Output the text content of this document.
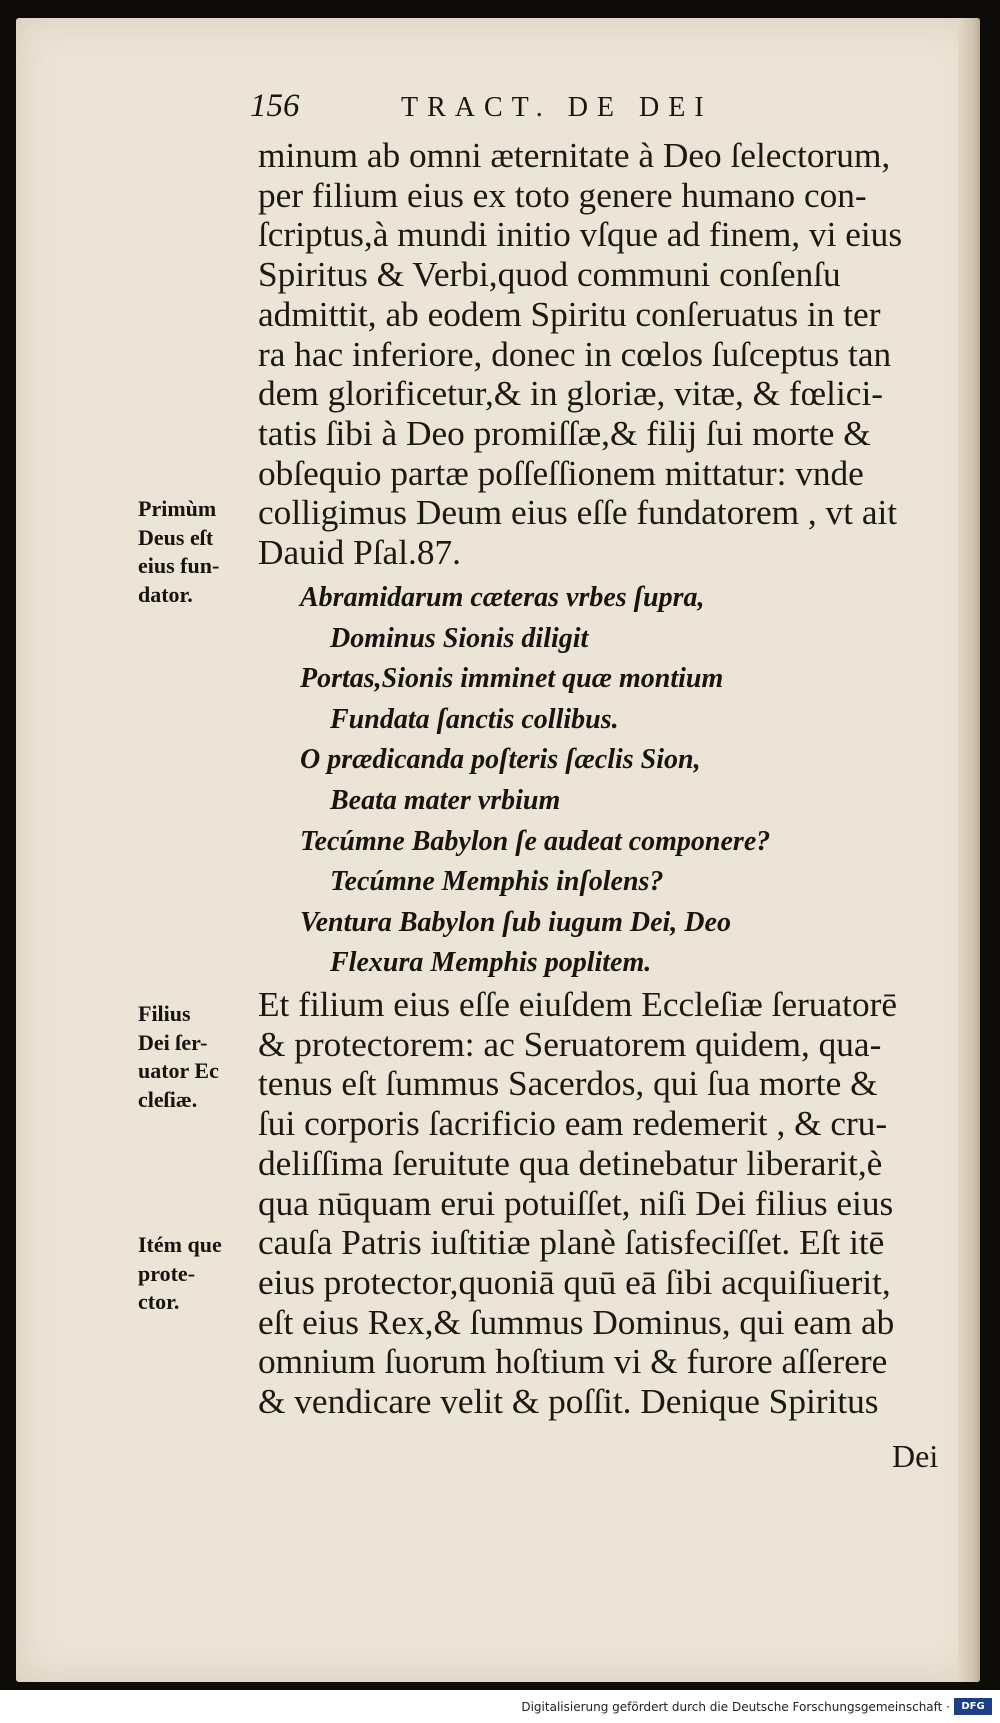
156	TRACT. DE DEI
minum ab omni æternitate à Deo ſelectorum,
per filium eius ex toto genere humano con-
ſcriptus,à mundi initio vſque ad finem, vi eius
Spiritus & Verbi,quod communi conſenſu
admittit, ab eodem Spiritu conſeruatus in ter
ra hac inferiore, donec in cœlos ſuſceptus tan
dem glorificetur,& in gloriæ, vitæ, & fœlici-
tatis ſibi à Deo promiſſæ,& filij ſui morte &
obſequio partæ poſſeſſionem mittatur: vnde
colligimus Deum eius eſſe fundatorem , vt ait
Dauid Pſal.87.
Abramidarum cæteras vrbes ſupra,
Dominus Sionis diligit
Portas,Sionis imminet quæ montium
Fundata ſanctis collibus.
O prædicanda poſteris ſæclis Sion,
Beata mater vrbium
Tecúmne Babylon ſe audeat componere?
Tecúmne Memphis inſolens?
Ventura Babylon ſub iugum Dei, Deo
Flexura Memphis poplitem.
Et filium eius eſſe eiuſdem Eccleſiæ ſeruatorē
& protectorem: ac Seruatorem quidem, qua-
tenus eſt ſummus Sacerdos, qui ſua morte &
ſui corporis ſacrificio eam redemerit , & cru-
deliſſima ſeruitute qua detinebatur liberarit,è
qua nūquam erui potuiſſet, niſi Dei filius eius
cauſa Patris iuſtitiæ planè ſatisfeciſſet. Eſt itē
eius protector,quoniā quū eā ſibi acquiſiuerit,
eſt eius Rex,& ſummus Dominus, qui eam ab
omnium ſuorum hoſtium vi & furore aſſerere
& vendicare velit & poſſit. Denique Spiritus
Dei
Primùm
Deus eſt
eius fun-
dator.
Filius
Dei ſer-
uator Ec
cleſiæ.
Itém que
prote-
ctor.
Digitalisierung gefördert durch die Deutsche Forschungsgemeinschaft ·	DFG
